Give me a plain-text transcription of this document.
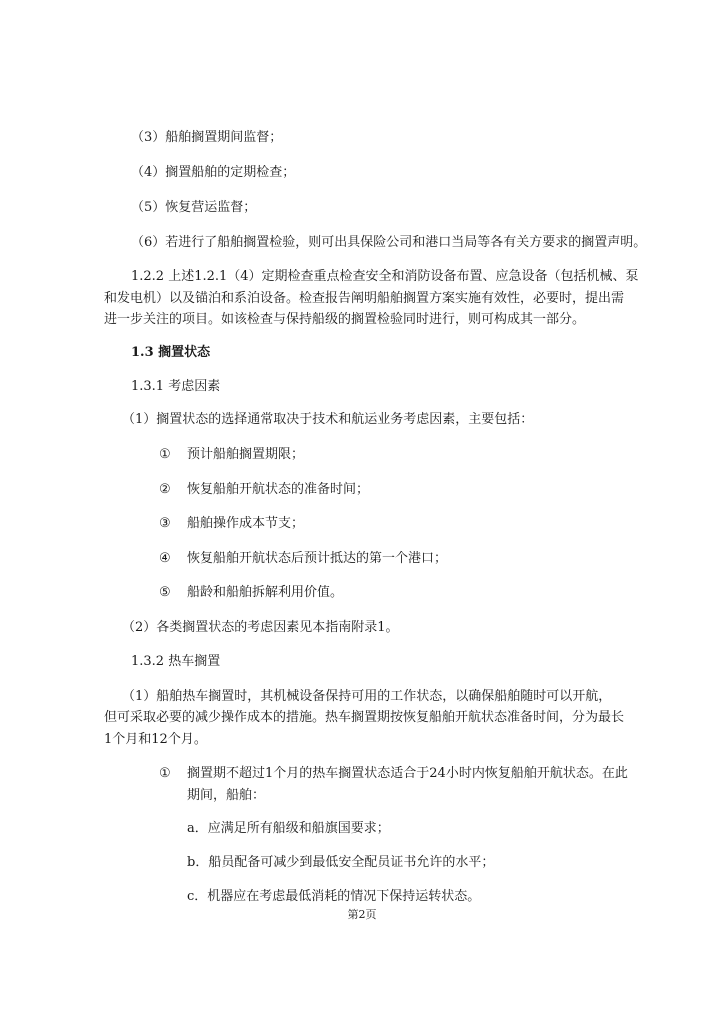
（3）船舶搁置期间监督；
（4）搁置船舶的定期检查；
（5）恢复营运监督；
（6）若进行了船舶搁置检验，则可出具保险公司和港口当局等各有关方要求的搁置声明。
1.2.2 上述1.2.1（4）定期检查重点检查安全和消防设备布置、应急设备（包括机械、泵
和发电机）以及锚泊和系泊设备。检查报告阐明船舶搁置方案实施有效性，必要时，提出需
进一步关注的项目。如该检查与保持船级的搁置检验同时进行，则可构成其一部分。
1.3 搁置状态
1.3.1 考虑因素
（1）搁置状态的选择通常取决于技术和航运业务考虑因素，主要包括：
① 预计船舶搁置期限；
② 恢复船舶开航状态的准备时间；
③ 船舶操作成本节支；
④ 恢复船舶开航状态后预计抵达的第一个港口；
⑤ 船龄和船舶拆解利用价值。
（2）各类搁置状态的考虑因素见本指南附录1。
1.3.2 热车搁置
（1）船舶热车搁置时，其机械设备保持可用的工作状态，以确保船舶随时可以开航，
但可采取必要的减少操作成本的措施。热车搁置期按恢复船舶开航状态准备时间，分为最长
1个月和12个月。
① 搁置期不超过1个月的热车搁置状态适合于24小时内恢复船舶开航状态。在此
期间，船舶：
a．应满足所有船级和船旗国要求；
b．船员配备可减少到最低安全配员证书允许的水平；
c．机器应在考虑最低消耗的情况下保持运转状态。
第2页
